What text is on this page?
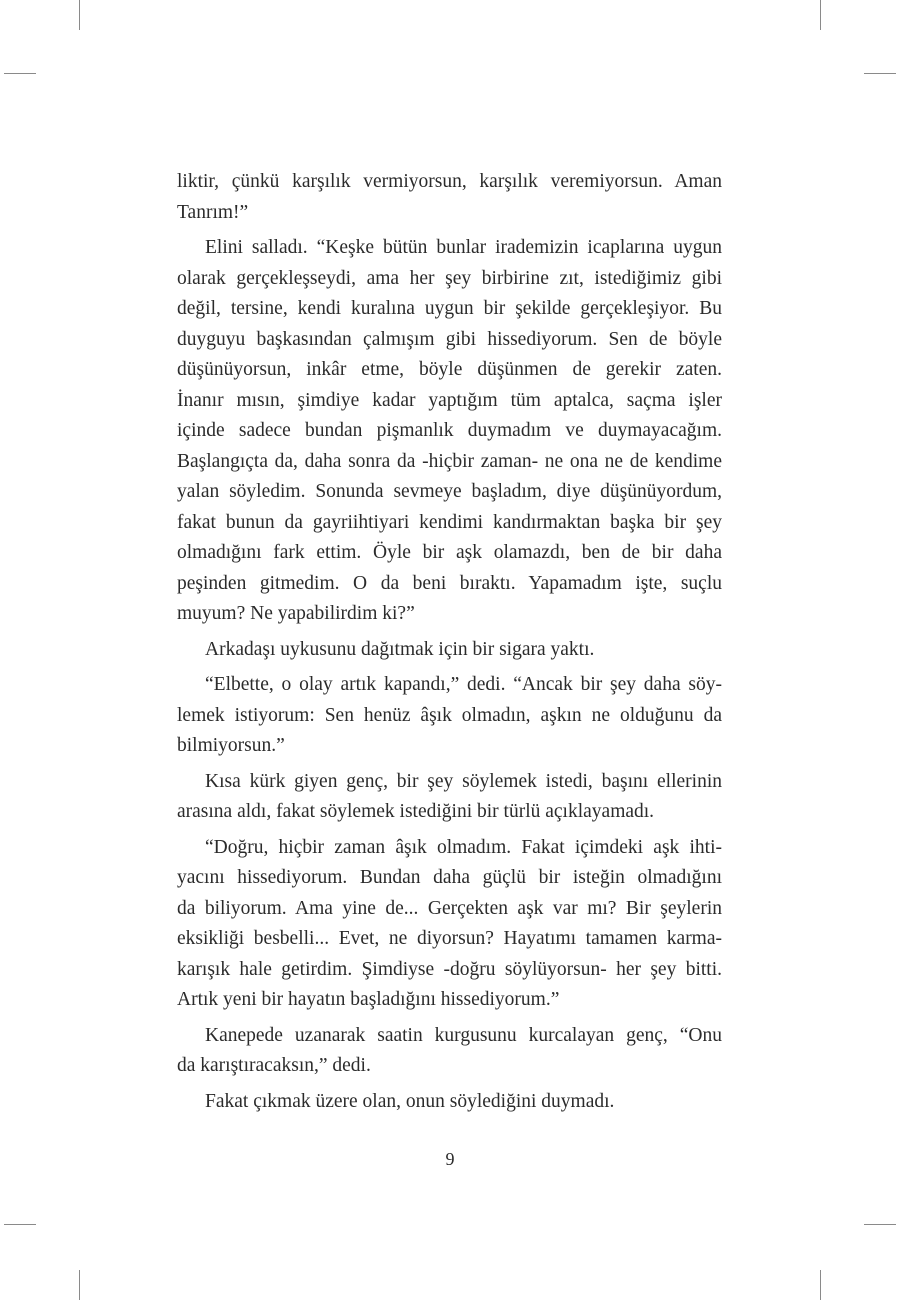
liktir, çünkü karşılık vermiyorsun, karşılık veremiyorsun. Aman
Tanrım!”
Elini salladı. “Keşke bütün bunlar irademizin icaplarına uygun
olarak gerçekleşseydi, ama her şey birbirine zıt, istediğimiz gibi
değil, tersine, kendi kuralına uygun bir şekilde gerçekleşiyor. Bu
duyguyu başkasından çalmışım gibi hissediyorum. Sen de böyle
düşünüyorsun, inkâr etme, böyle düşünmen de gerekir zaten.
İnanır mısın, şimdiye kadar yaptığım tüm aptalca, saçma işler
içinde sadece bundan pişmanlık duymadım ve duymayacağım.
Başlangıçta da, daha sonra da -hiçbir zaman- ne ona ne de kendime
yalan söyledim. Sonunda sevmeye başladım, diye düşünüyordum,
fakat bunun da gayriihtiyari kendimi kandırmaktan başka bir şey
olmadığını fark ettim. Öyle bir aşk olamazdı, ben de bir daha
peşinden gitmedim. O da beni bıraktı. Yapamadım işte, suçlu
muyum? Ne yapabilirdim ki?”
Arkadaşı uykusunu dağıtmak için bir sigara yaktı.
“Elbette, o olay artık kapandı,” dedi. “Ancak bir şey daha söy-
lemek istiyorum: Sen henüz âşık olmadın, aşkın ne olduğunu da
bilmiyorsun.”
Kısa kürk giyen genç, bir şey söylemek istedi, başını ellerinin
arasına aldı, fakat söylemek istediğini bir türlü açıklayamadı.
“Doğru, hiçbir zaman âşık olmadım. Fakat içimdeki aşk ihti-
yacını hissediyorum. Bundan daha güçlü bir isteğin olmadığını
da biliyorum. Ama yine de... Gerçekten aşk var mı? Bir şeylerin
eksikliği besbelli... Evet, ne diyorsun? Hayatımı tamamen karma-
karışık hale getirdim. Şimdiyse -doğru söylüyorsun- her şey bitti.
Artık yeni bir hayatın başladığını hissediyorum.”
Kanepede uzanarak saatin kurgusunu kurcalayan genç, “Onu
da karıştıracaksın,” dedi.
Fakat çıkmak üzere olan, onun söylediğini duymadı.
9
